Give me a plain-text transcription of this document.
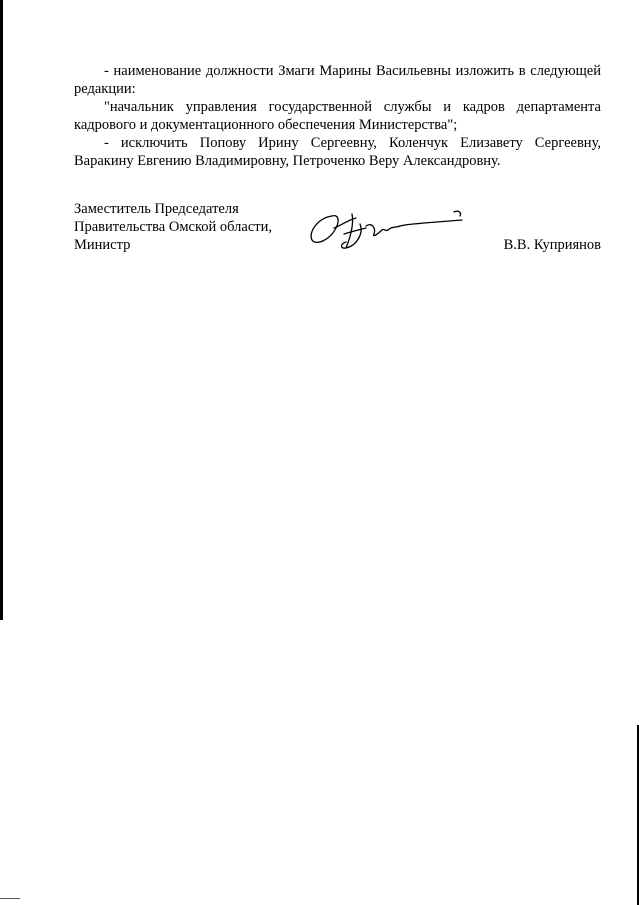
- наименование должности Змаги Марины Васильевны изложить в следующей редакции:

"начальник управления государственной службы и кадров департамента кадрового и документационного обеспечения Министерства";

- исключить Попову Ирину Сергеевну, Коленчук Елизавету Сергеевну, Варакину Евгению Владимировну, Петроченко Веру Александровну.

Заместитель Председателя
Правительства Омской области,
Министр	В.В. Куприянов
